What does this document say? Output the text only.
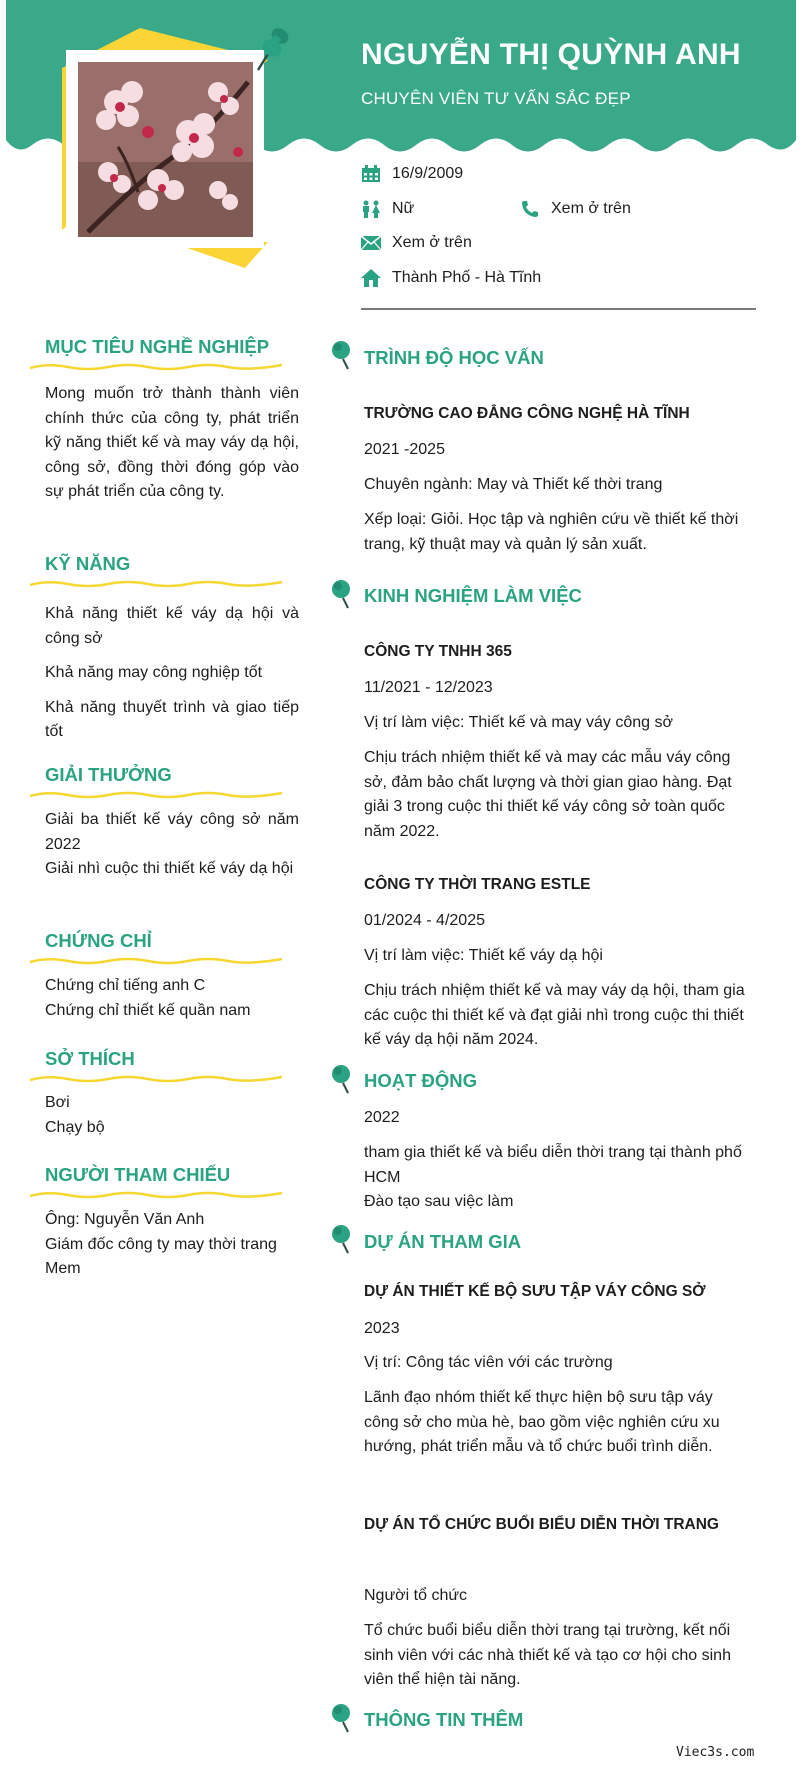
NGUYỄN THỊ QUỲNH ANH
CHUYÊN VIÊN TƯ VẤN SẮC ĐẸP
16/9/2009
Nữ	Xem ở trên
Xem ở trên
Thành Phố - Hà Tĩnh
MỤC TIÊU NGHỀ NGHIỆP
Mong muốn trở thành thành viên chính thức của công ty, phát triển kỹ năng thiết kế và may váy dạ hội, công sở, đồng thời đóng góp vào sự phát triển của công ty.
KỸ NĂNG

Khả năng thiết kế váy dạ hội và công sở

Khả năng may công nghiệp tốt

Khả năng thuyết trình và giao tiếp tốt

GIẢI THƯỞNG

Giải ba thiết kế váy công sở năm 2022

Giải nhì cuộc thi thiết kế váy dạ hội

CHỨNG CHỈ

Chứng chỉ tiếng anh C

Chứng chỉ thiết kế quần nam

SỞ THÍCH

Bơi

Chạy bộ

NGƯỜI THAM CHIẾU

Ông: Nguyễn Văn Anh

Giám đốc công ty may thời trang Mem

TRÌNH ĐỘ HỌC VẤN
TRƯỜNG CAO ĐẲNG CÔNG NGHỆ HÀ TĨNH
2021 -2025
Chuyên ngành: May và Thiết kế thời trang
Xếp loại: Giỏi. Học tập và nghiên cứu về thiết kế thời trang, kỹ thuật may và quản lý sản xuất.
KINH NGHIỆM LÀM VIỆC
CÔNG TY TNHH 365
11/2021 - 12/2023
Vị trí làm việc: Thiết kế và may váy công sở
Chịu trách nhiệm thiết kế và may các mẫu váy công sở, đảm bảo chất lượng và thời gian giao hàng. Đạt giải 3 trong cuộc thi thiết kế váy công sở toàn quốc năm 2022.
CÔNG TY THỜI TRANG ESTLE
01/2024 - 4/2025
Vị trí làm việc: Thiết kế váy dạ hội
Chịu trách nhiệm thiết kế và may váy dạ hội, tham gia các cuộc thi thiết kế và đạt giải nhì trong cuộc thi thiết kế váy dạ hội năm 2024.
HOẠT ĐỘNG
2022
tham gia thiết kế và biểu diễn thời trang tại thành phố HCM
Đào tạo sau việc làm
DỰ ÁN THAM GIA
DỰ ÁN THIẾT KẾ BỘ SƯU TẬP VÁY CÔNG SỞ
2023
Vị trí: Công tác viên với các trường
Lãnh đạo nhóm thiết kế thực hiện bộ sưu tập váy công sở cho mùa hè, bao gồm việc nghiên cứu xu hướng, phát triển mẫu và tổ chức buổi trình diễn.
DỰ ÁN TỔ CHỨC BUỔI BIỂU DIỄN THỜI TRANG
Người tổ chức
Tổ chức buổi biểu diễn thời trang tại trường, kết nối sinh viên với các nhà thiết kế và tạo cơ hội cho sinh viên thể hiện tài năng.
THÔNG TIN THÊM
Viec3s.com
